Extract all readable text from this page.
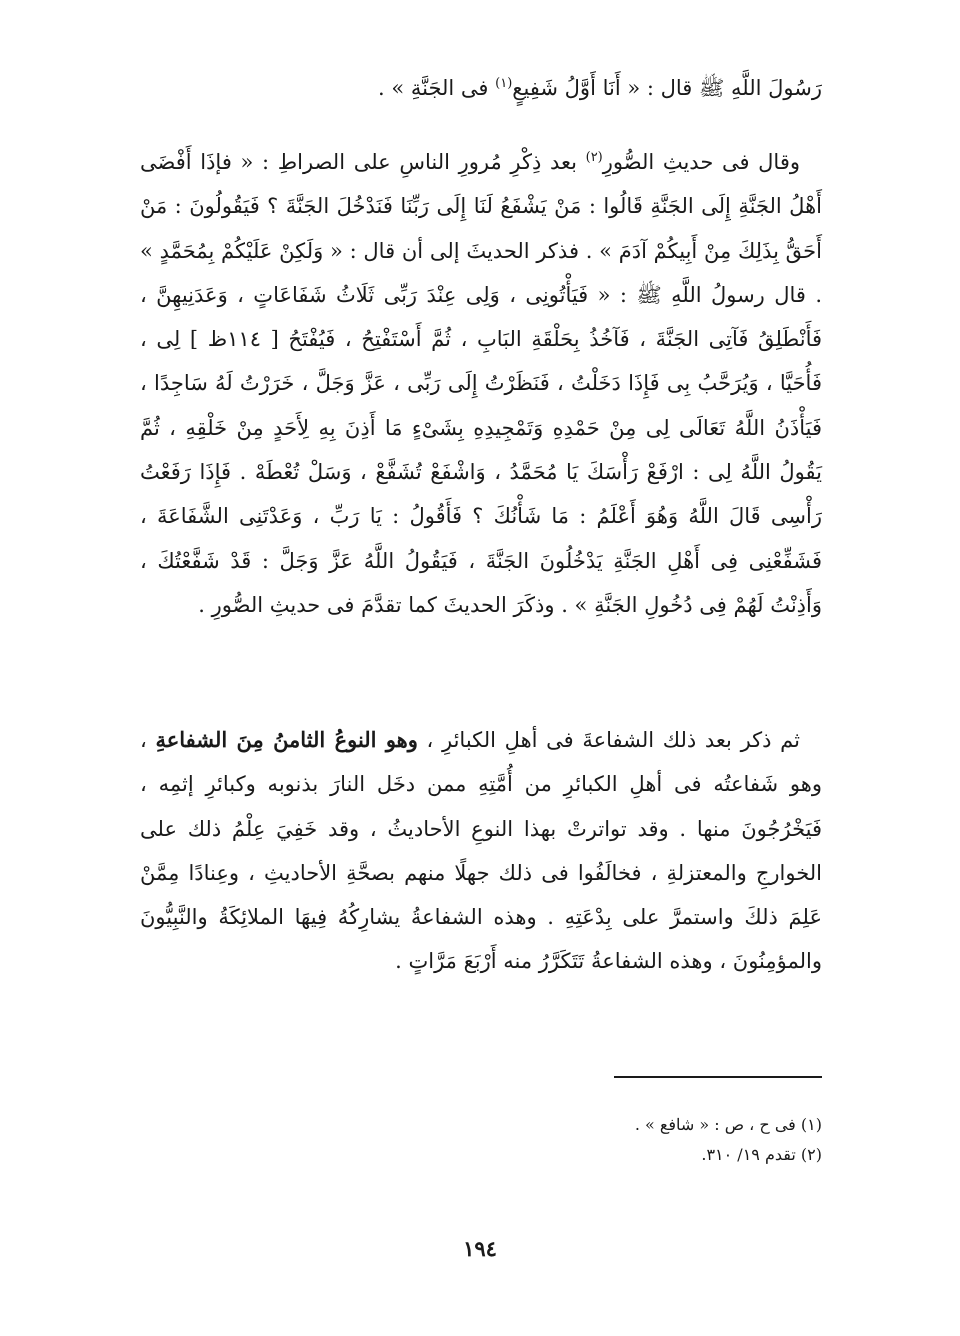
رَسُولَ اللَّهِ ﷺ قال : « أَنَا أَوَّلُ شَفِيعٍ$^{(١)}$ فى الجَنَّةِ » .

وقال فى حديثِ الصُّورِ$^{(٢)}$ بعد ذِكْرِ مُرورِ الناسِ على الصراطِ : « فإذَا أَفْضَى أَهْلُ الجَنَّةِ إِلَى الجَنَّةِ قَالُوا : مَنْ يَشْفَعُ لَنَا إِلَى رَبِّنَا فَنَدْخُلَ الجَنَّةَ ؟ فَيَقُولُونَ : مَنْ أَحَقُّ بِذَلِكَ مِنْ أَبِيكُمْ آدَمَ » . فذكر الحديثَ إلى أن قال : « وَلَكِنْ عَلَيْكُمْ بِمُحَمَّدٍ » . قال رسولُ اللَّهِ ﷺ : « فَيَأْتُونِى ، وَلِى عِنْدَ رَبِّى ثَلَاثُ شَفَاعَاتٍ ، وَعَدَنِيهِنَّ ، فَأَنْطَلِقُ فَآتِى الجَنَّةَ ، فَآخُذُ بِحَلْقَةِ البَابِ ، ثُمَّ أَسْتَفْتِحُ ، فَيُفْتَحُ [ ١١٤ظ ] لِى ، فَأُحَيَّا ، وَيُرَحَّبُ بِى فَإِذَا دَخَلْتُ ، فَنَظَرْتُ إِلَى رَبِّى ، عَزَّ وَجَلَّ ، خَرَرْتُ لَهُ سَاجِدًا ، فَيَأْذَنُ اللَّهُ تَعَالَى لِى مِنْ حَمْدِهِ وَتَمْجِيدِهِ بِشَىْءٍ مَا أَذِنَ بِهِ لِأَحَدٍ مِنْ خَلْقِهِ ، ثُمَّ يَقُولُ اللَّهُ لِى : ارْفَعْ رَأْسَكَ يَا مُحَمَّدُ ، وَاشْفَعْ تُشَفَّعْ ، وَسَلْ تُعْطَهْ . فَإِذَا رَفَعْتُ رَأْسِى قَالَ اللَّهُ وَهُوَ أَعْلَمُ : مَا شَأْنُكَ ؟ فَأَقُولُ : يَا رَبِّ ، وَعَدْتَنِى الشَّفَاعَةَ ، فَشَفِّعْنِى فِى أَهْلِ الجَنَّةِ يَدْخُلُونَ الجَنَّةَ ، فَيَقُولُ اللَّهُ عَزَّ وَجَلَّ : قَدْ شَفَّعْتُكَ ، وَأَذِنْتُ لَهُمْ فِى دُخُولِ الجَنَّةِ » . وذكَرَ الحديثَ كما تقدَّمَ فى حديثِ الصُّورِ .

ثم ذكر بعد ذلك الشفاعةَ فى أهلِ الكبائرِ ، وهو النوعُ الثامنُ مِنَ الشفاعةِ ، وهو شَفاعتُه فى أهلِ الكبائرِ من أُمَّتِهِ ممن دخَل النارَ بذنوبه وكبائرِ إثمِه ، فَيَخْرُجُونَ منها . وقد تواترتْ بهذا النوعِ الأحاديثُ ، وقد خَفِيَ عِلْمُ ذلك على الخوارجِ والمعتزلةِ ، فخالَفُوا فى ذلك جهلًا منهم بصحَّةِ الأحاديثِ ، وعِنادًا مِمَّنْ عَلِمَ ذلكَ واستمرَّ على بِدْعَتِهِ . وهذه الشفاعةُ يشارِكُهُ فِيهَا الملائِكَةُ والنَّبِيُّونَ والمؤمِنُونَ ، وهذه الشفاعةُ تَتَكَرَّرُ منه أَرْبَعَ مَرَّاتٍ .

(١) فى ح ، ص : « شافع » .

(٢) تقدم ١٩/ ٣١٠.

١٩٤
